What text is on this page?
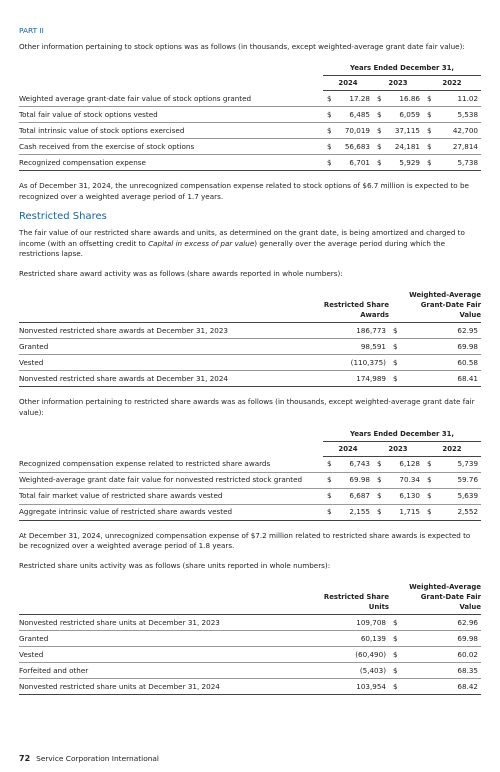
PART II

Other information pertaining to stock options was as follows (in thousands, except weighted-average grant date fair value):

	Years Ended December 31,					
	2024		2023		2022	
Weighted average grant-date fair value of stock options granted	$	17.28	$	16.86	$	11.02
Total fair value of stock options vested	$	6,485	$	6,059	$	5,538
Total intrinsic value of stock options exercised	$	70,019	$	37,115	$	42,700
Cash received from the exercise of stock options	$	56,683	$	24,181	$	27,814
Recognized compensation expense	$	6,701	$	5,929	$	5,738

As of December 31, 2024, the unrecognized compensation expense related to stock options of $6.7 million is expected to be recognized over a weighted average period of 1.7 years.

Restricted Shares

The fair value of our restricted share awards and units, as determined on the grant date, is being amortized and charged to income (with an offsetting credit to Capital in excess of par value) generally over the average period during which the restrictions lapse.

Restricted share award activity was as follows (share awards reported in whole numbers):

	Restricted Share Awards		Weighted-Average Grant-Date Fair Value
Nonvested restricted share awards at December 31, 2023	186,773	$	62.95
Granted	98,591	$	69.98
Vested	(110,375)	$	60.58
Nonvested restricted share awards at December 31, 2024	174,989	$	68.41

Other information pertaining to restricted share awards was as follows (in thousands, except weighted-average grant date fair value):

	Years Ended December 31,					
	2024		2023		2022	
Recognized compensation expense related to restricted share awards	$	6,743	$	6,128	$	5,739
Weighted-average grant date fair value for nonvested restricted stock granted	$	69.98	$	70.34	$	59.76
Total fair market value of restricted share awards vested	$	6,687	$	6,130	$	5,639
Aggregate intrinsic value of restricted share awards vested	$	2,155	$	1,715	$	2,552

At December 31, 2024, unrecognized compensation expense of $7.2 million related to restricted share awards is expected to be recognized over a weighted average period of 1.8 years.

Restricted share units activity was as follows (share units reported in whole numbers):

	Restricted Share Units		Weighted-Average Grant-Date Fair Value
Nonvested restricted share units at December 31, 2023	109,708	$	62.96
Granted	60,139	$	69.98
Vested	(60,490)	$	60.02
Forfeited and other	(5,403)	$	68.35
Nonvested restricted share units at December 31, 2024	103,954	$	68.42
72 Service Corporation International
